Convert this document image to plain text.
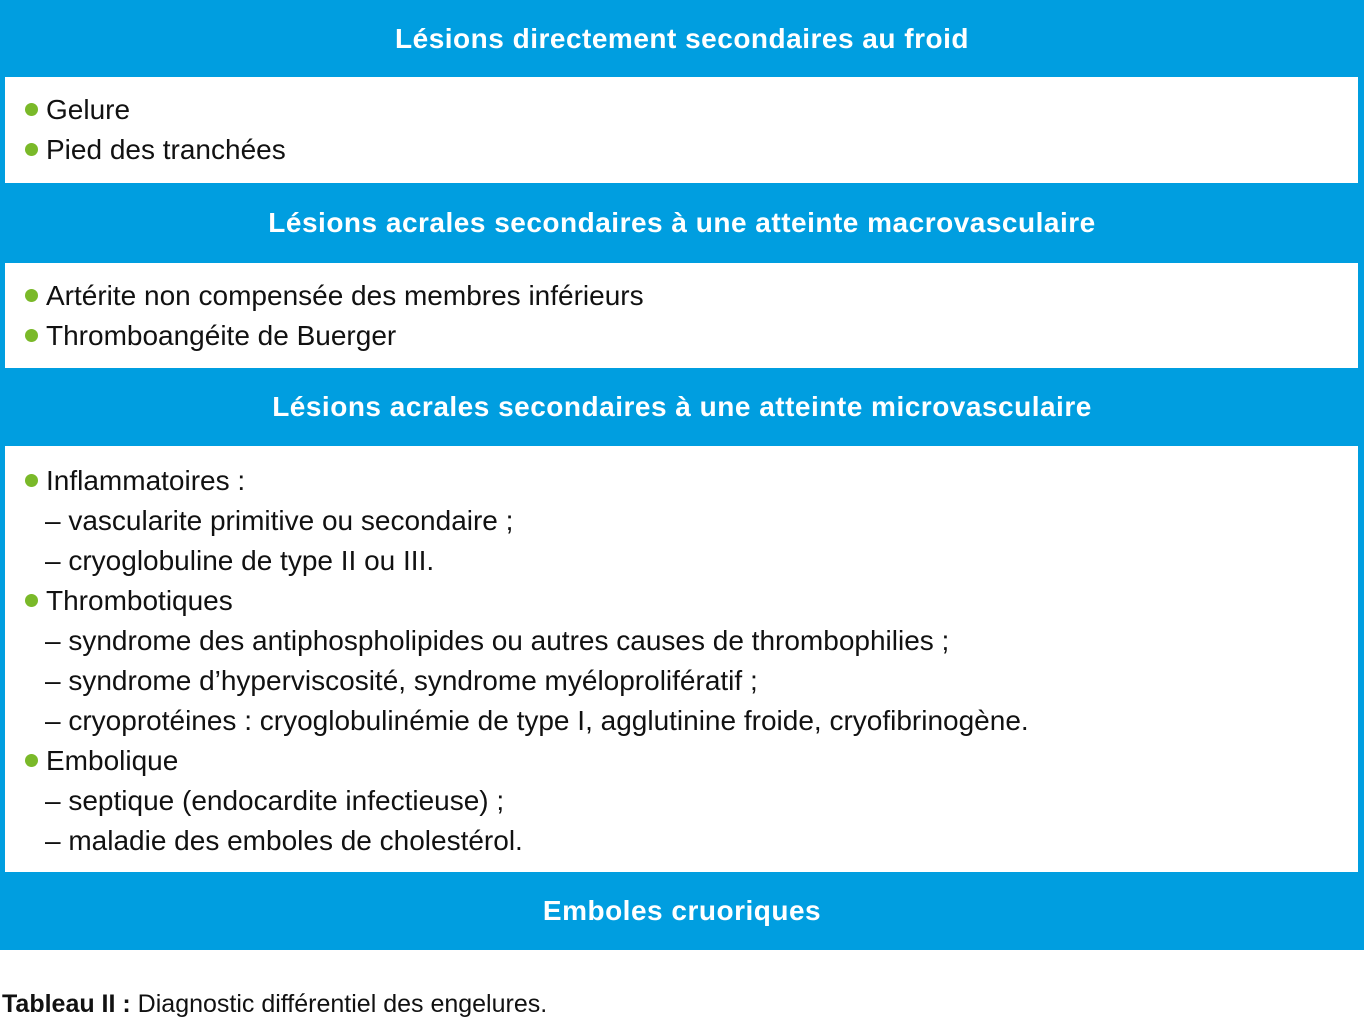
Lésions directement secondaires au froid
Gelure
Pied des tranchées
Lésions acrales secondaires à une atteinte macrovasculaire
Artérite non compensée des membres inférieurs
Thromboangéite de Buerger
Lésions acrales secondaires à une atteinte microvasculaire
Inflammatoires :
– vascularite primitive ou secondaire ;
– cryoglobuline de type II ou III.
Thrombotiques
– syndrome des antiphospholipides ou autres causes de thrombophilies ;
– syndrome d’hyperviscosité, syndrome myéloprolifératif ;
– cryoprotéines : cryoglobulinémie de type I, agglutinine froide, cryofibrinogène.
Embolique
– septique (endocardite infectieuse) ;
– maladie des emboles de cholestérol.
Emboles cruoriques
Tableau II : Diagnostic différentiel des engelures.
